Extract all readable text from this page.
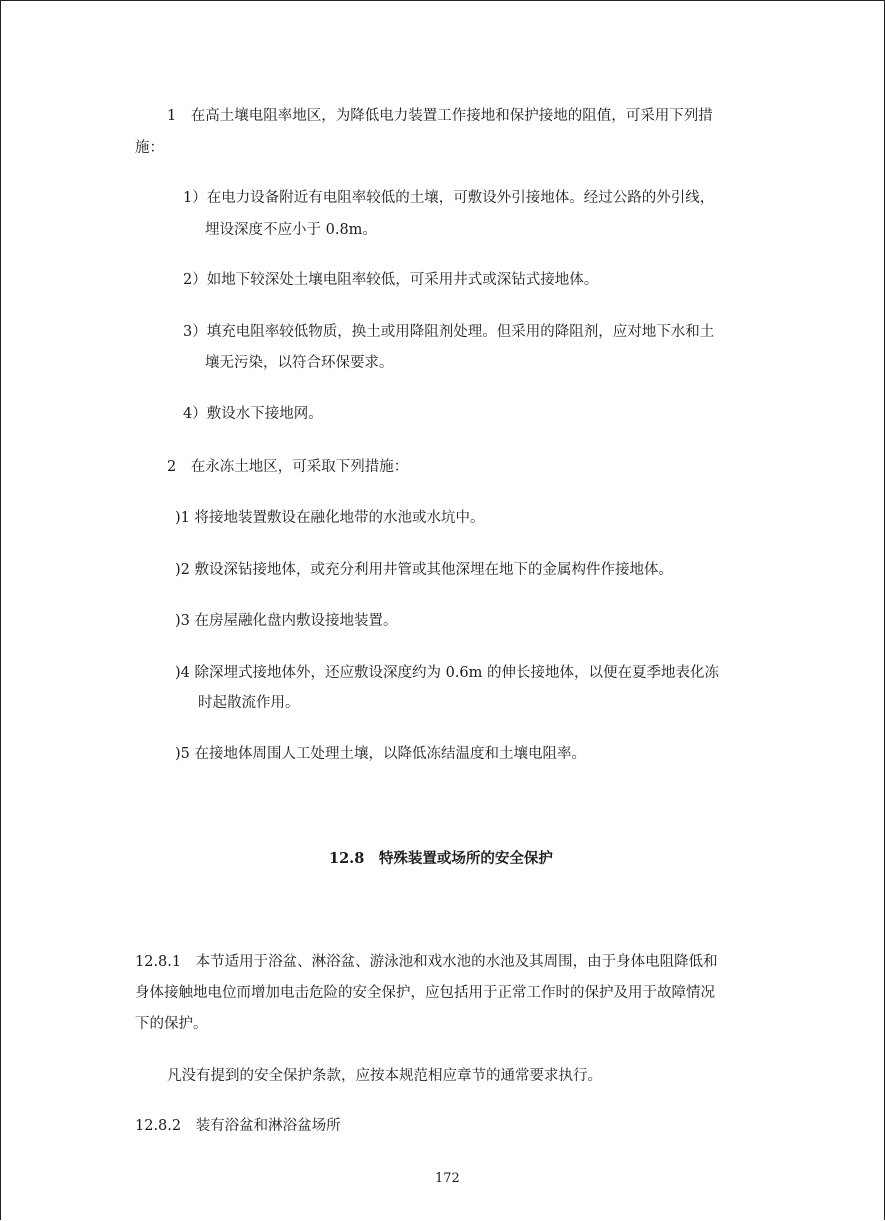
1　在高土壤电阻率地区，为降低电力装置工作接地和保护接地的阻值，可采用下列措
施：
1）在电力设备附近有电阻率较低的土壤，可敷设外引接地体。经过公路的外引线，
埋设深度不应小于 0.8m。
2）如地下较深处土壤电阻率较低，可采用井式或深钻式接地体。
3）填充电阻率较低物质，换土或用降阻剂处理。但采用的降阻剂，应对地下水和土
壤无污染，以符合环保要求。
4）敷设水下接地网。
2　在永冻土地区，可采取下列措施：
)1 将接地装置敷设在融化地带的水池或水坑中。
)2 敷设深钻接地体，或充分利用井管或其他深埋在地下的金属构件作接地体。
)3 在房屋融化盘内敷设接地装置。
)4 除深埋式接地体外，还应敷设深度约为 0.6m 的伸长接地体，以便在夏季地表化冻
时起散流作用。
)5 在接地体周围人工处理土壤，以降低冻结温度和土壤电阻率。
12.8　特殊装置或场所的安全保护
12.8.1　本节适用于浴盆、淋浴盆、游泳池和戏水池的水池及其周围，由于身体电阻降低和
身体接触地电位而增加电击危险的安全保护，应包括用于正常工作时的保护及用于故障情况
下的保护。
凡没有提到的安全保护条款，应按本规范相应章节的通常要求执行。
12.8.2　装有浴盆和淋浴盆场所
172
